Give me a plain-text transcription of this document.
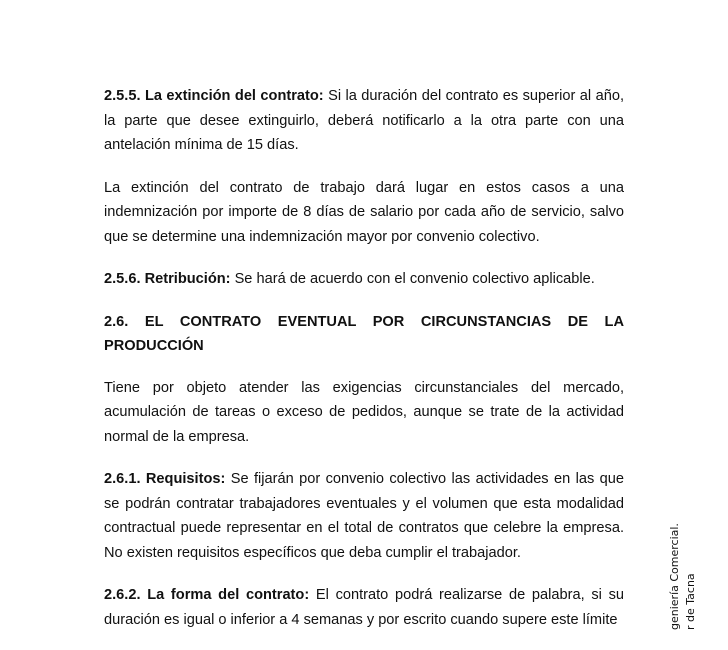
2.5.5. La extinción del contrato: Si la duración del contrato es superior al año, la parte que desee extinguirlo, deberá notificarlo a la otra parte con una antelación mínima de 15 días.

La extinción del contrato de trabajo dará lugar en estos casos a una indemnización por importe de 8 días de salario por cada año de servicio, salvo que se determine una indemnización mayor por convenio colectivo.

2.5.6. Retribución: Se hará de acuerdo con el convenio colectivo aplicable.

2.6. EL CONTRATO EVENTUAL POR CIRCUNSTANCIAS DE LA PRODUCCIÓN

Tiene por objeto atender las exigencias circunstanciales del mercado, acumulación de tareas o exceso de pedidos, aunque se trate de la actividad normal de la empresa.

2.6.1. Requisitos: Se fijarán por convenio colectivo las actividades en las que se podrán contratar trabajadores eventuales y el volumen que esta modalidad contractual puede representar en el total de contratos que celebre la empresa. No existen requisitos específicos que deba cumplir el trabajador.

2.6.2. La forma del contrato: El contrato podrá realizarse de palabra, si su duración es igual o inferior a 4 semanas y por escrito cuando supere este límite	geniería Comercial. r de Tacna
